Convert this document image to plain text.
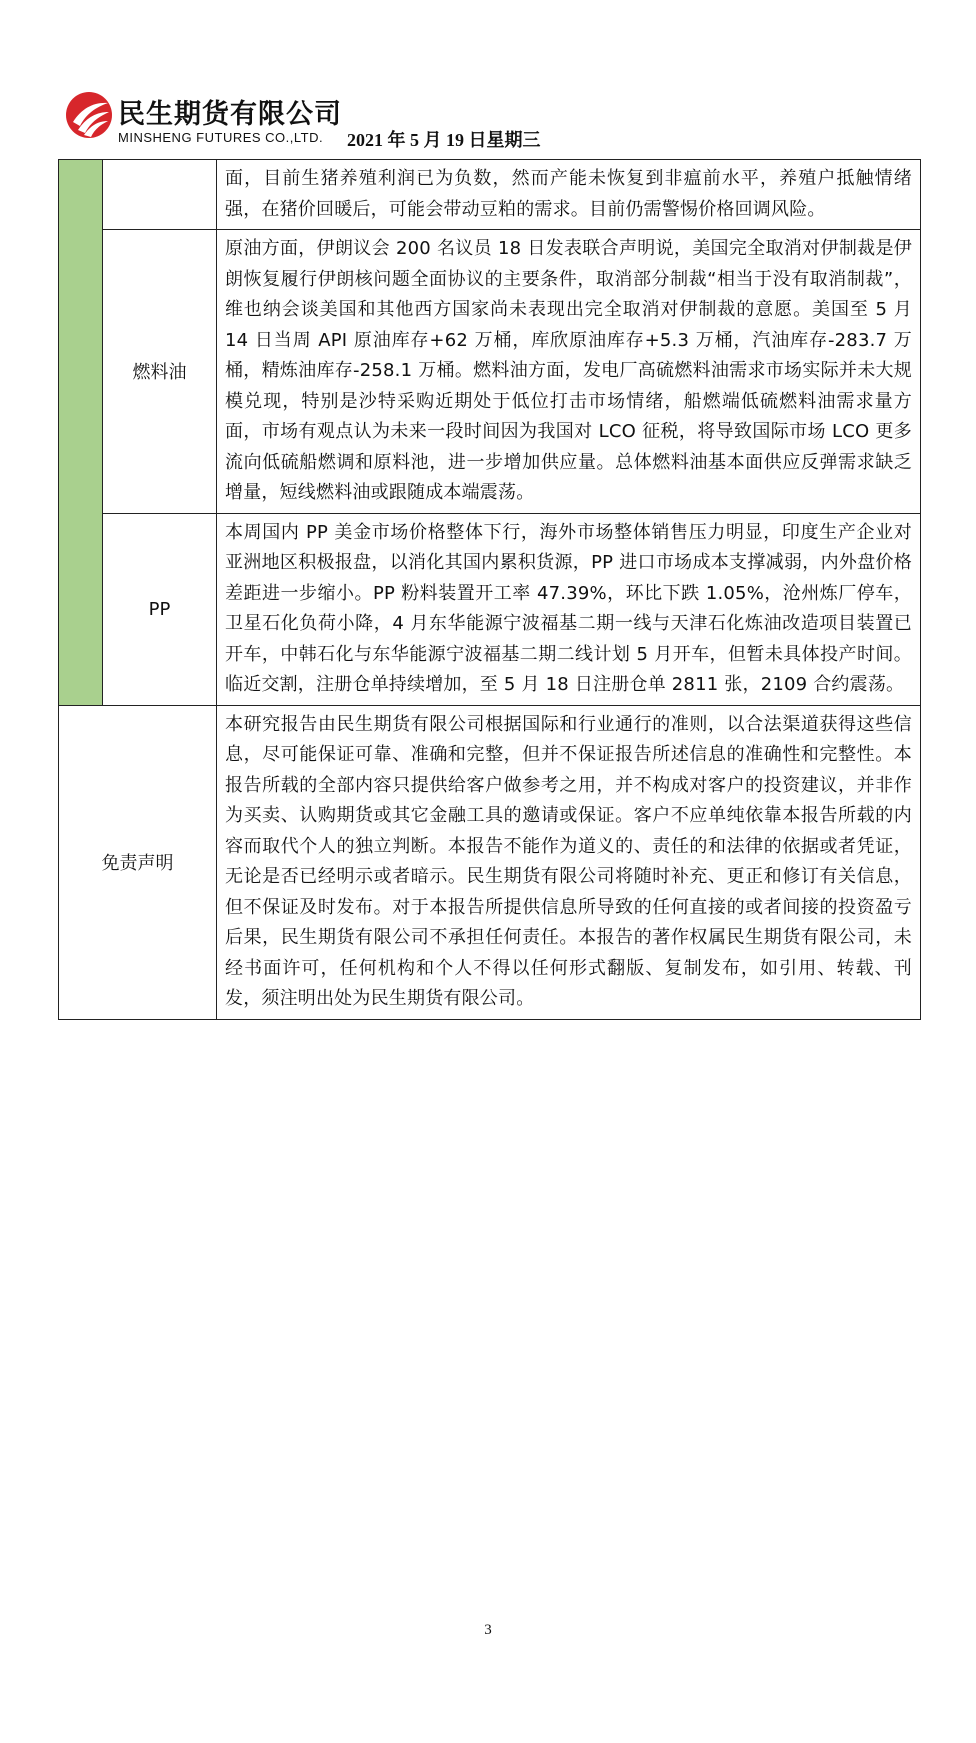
民生期货有限公司
MINSHENG FUTURES CO.,LTD. 2021 年 5 月 19 日星期三
		面，目前生猪养殖利润已为负数，然而产能未恢复到非瘟前水平，养殖户抵触情绪强，在猪价回暖后，可能会带动豆粕的需求。目前仍需警惕价格回调风险。
	燃料油	原油方面，伊朗议会 200 名议员 18 日发表联合声明说，美国完全取消对伊制裁是伊朗恢复履行伊朗核问题全面协议的主要条件，取消部分制裁“相当于没有取消制裁”，维也纳会谈美国和其他西方国家尚未表现出完全取消对伊制裁的意愿。美国至 5 月 14 日当周 API 原油库存+62 万桶，库欣原油库存+5.3 万桶，汽油库存-283.7 万桶，精炼油库存-258.1 万桶。燃料油方面，发电厂高硫燃料油需求市场实际并未大规模兑现，特别是沙特采购近期处于低位打击市场情绪，船燃端低硫燃料油需求量方面，市场有观点认为未来一段时间因为我国对 LCO 征税，将导致国际市场 LCO 更多流向低硫船燃调和原料池，进一步增加供应量。总体燃料油基本面供应反弹需求缺乏增量，短线燃料油或跟随成本端震荡。
	PP	本周国内 PP 美金市场价格整体下行，海外市场整体销售压力明显，印度生产企业对亚洲地区积极报盘，以消化其国内累积货源，PP 进口市场成本支撑减弱，内外盘价格差距进一步缩小。PP 粉料装置开工率 47.39%，环比下跌 1.05%，沧州炼厂停车，卫星石化负荷小降，4 月东华能源宁波福基二期一线与天津石化炼油改造项目装置已开车，中韩石化与东华能源宁波福基二期二线计划 5 月开车，但暂未具体投产时间。临近交割，注册仓单持续增加，至 5 月 18 日注册仓单 2811 张，2109 合约震荡。
免责声明		本研究报告由民生期货有限公司根据国际和行业通行的准则，以合法渠道获得这些信息，尽可能保证可靠、准确和完整，但并不保证报告所述信息的准确性和完整性。本报告所载的全部内容只提供给客户做参考之用，并不构成对客户的投资建议，并非作为买卖、认购期货或其它金融工具的邀请或保证。客户不应单纯依靠本报告所载的内容而取代个人的独立判断。本报告不能作为道义的、责任的和法律的依据或者凭证，无论是否已经明示或者暗示。民生期货有限公司将随时补充、更正和修订有关信息，但不保证及时发布。对于本报告所提供信息所导致的任何直接的或者间接的投资盈亏后果，民生期货有限公司不承担任何责任。本报告的著作权属民生期货有限公司，未经书面许可，任何机构和个人不得以任何形式翻版、复制发布，如引用、转载、刊发，须注明出处为民生期货有限公司。
3
